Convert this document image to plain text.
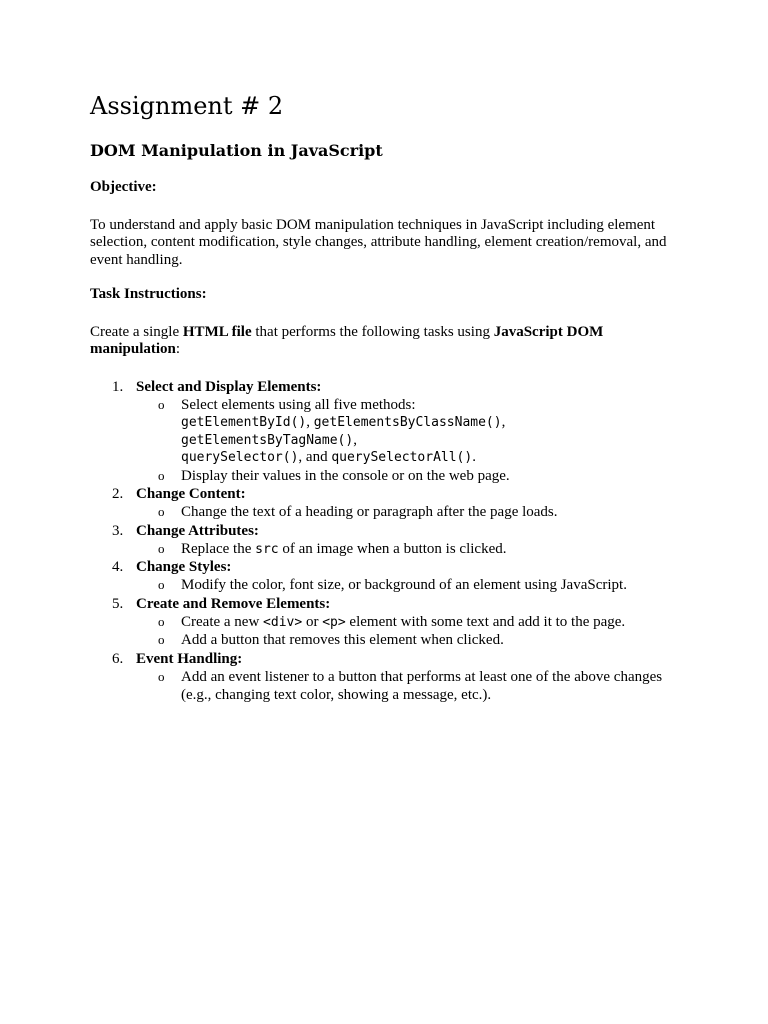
Assignment # 2
DOM Manipulation in JavaScript
Objective:

To understand and apply basic DOM manipulation techniques in JavaScript including element selection, content modification, style changes, attribute handling, element creation/removal, and event handling.

Task Instructions:

Create a single HTML file that performs the following tasks using JavaScript DOM manipulation:

1. Select and Display Elements:
o Select elements using all five methods:
getElementById(), getElementsByClassName(), getElementsByTagName(),
querySelector(), and querySelectorAll().
o Display their values in the console or on the web page.
2. Change Content:
o Change the text of a heading or paragraph after the page loads.
3. Change Attributes:
o Replace the src of an image when a button is clicked.
4. Change Styles:
o Modify the color, font size, or background of an element using JavaScript.
5. Create and Remove Elements:
o Create a new <div> or <p> element with some text and add it to the page.
o Add a button that removes this element when clicked.
6. Event Handling:
o Add an event listener to a button that performs at least one of the above changes (e.g., changing text color, showing a message, etc.).
